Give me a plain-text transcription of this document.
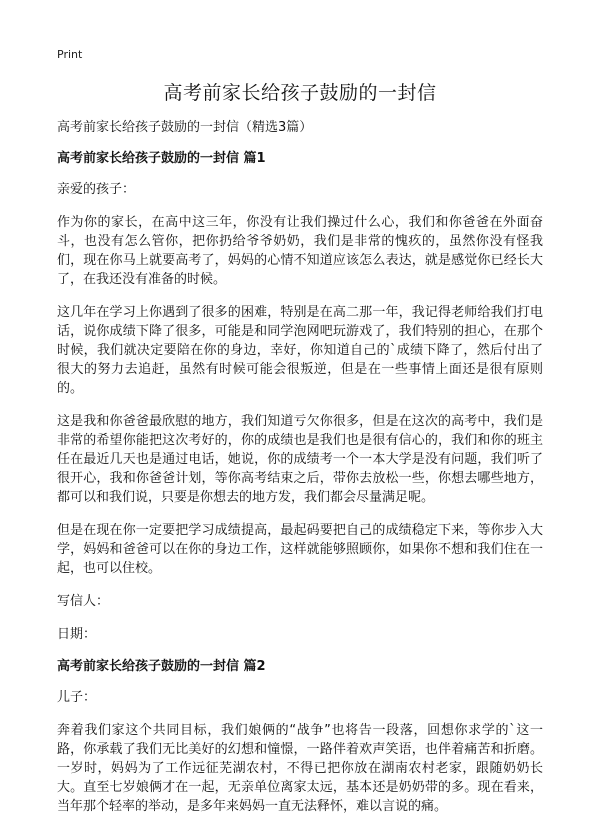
Print
高考前家长给孩子鼓励的一封信

高考前家长给孩子鼓励的一封信（精选3篇）

高考前家长给孩子鼓励的一封信 篇1

亲爱的孩子：

作为你的家长，在高中这三年，你没有让我们操过什么心，我们和你爸爸在外面奋斗，也没有怎么管你，把你扔给爷爷奶奶，我们是非常的愧疚的，虽然你没有怪我们，现在你马上就要高考了，妈妈的心情不知道应该怎么表达，就是感觉你已经长大了，在我还没有准备的时候。

这几年在学习上你遇到了很多的困难，特别是在高二那一年，我记得老师给我们打电话，说你成绩下降了很多，可能是和同学泡网吧玩游戏了，我们特别的担心，在那个时候，我们就决定要陪在你的身边，幸好，你知道自己的`成绩下降了，然后付出了很大的努力去追赶，虽然有时候可能会很叛逆，但是在一些事情上面还是很有原则的。

这是我和你爸爸最欣慰的地方，我们知道亏欠你很多，但是在这次的高考中，我们是非常的希望你能把这次考好的，你的成绩也是我们也是很有信心的，我们和你的班主任在最近几天也是通过电话，她说，你的成绩考一个一本大学是没有问题，我们听了很开心，我和你爸爸计划，等你高考结束之后，带你去放松一些，你想去哪些地方，都可以和我们说，只要是你想去的地方发，我们都会尽量满足呢。

但是在现在你一定要把学习成绩提高，最起码要把自己的成绩稳定下来，等你步入大学，妈妈和爸爸可以在你的身边工作，这样就能够照顾你，如果你不想和我们住在一起，也可以住校。

写信人：

日期：

高考前家长给孩子鼓励的一封信 篇2

儿子：

奔着我们家这个共同目标，我们娘俩的“战争”也将告一段落，回想你求学的`这一路，你承载了我们无比美好的幻想和憧憬，一路伴着欢声笑语，也伴着痛苦和折磨。一岁时，妈妈为了工作远征芜湖农村，不得已把你放在湖南农村老家，跟随奶奶长大。直至七岁娘俩才在一起，无亲单位离家太远，基本还是奶奶带的多。现在看来，当年那个轻率的举动，是多年来妈妈一直无法释怀，难以言说的痛。
